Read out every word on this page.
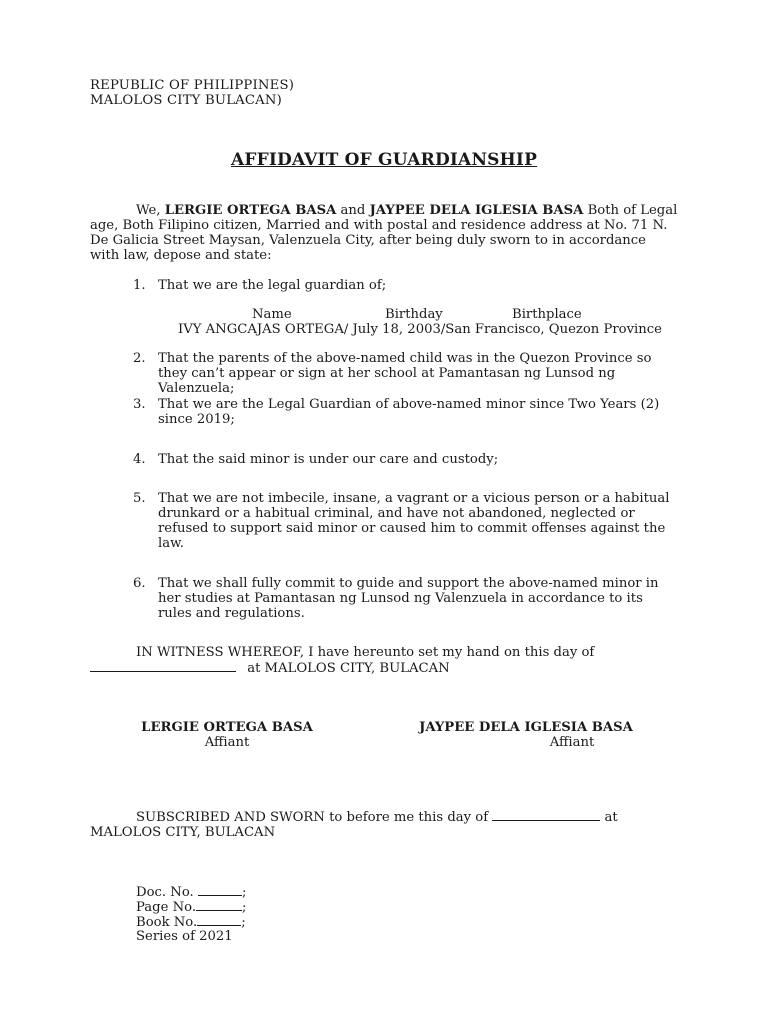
REPUBLIC OF PHILIPPINES)
MALOLOS CITY BULACAN)
AFFIDAVIT OF GUARDIANSHIP
We, LERGIE ORTEGA BASA and JAYPEE DELA IGLESIA BASA Both of Legal age, Both Filipino citizen, Married and with postal and residence address at No. 71 N. De Galicia Street Maysan, Valenzuela City, after being duly sworn to in accordance with law, depose and state:
1. That we are the legal guardian of;
Name	Birthday	Birthplace
IVY ANGCAJAS ORTEGA/ July 18, 2003/San Francisco, Quezon Province
2. That the parents of the above-named child was in the Quezon Province so they can’t appear or sign at her school at Pamantasan ng Lunsod ng Valenzuela;
3. That we are the Legal Guardian of above-named minor since Two Years (2) since 2019;
4. That the said minor is under our care and custody;
5. That we are not imbecile, insane, a vagrant or a vicious person or a habitual drunkard or a habitual criminal, and have not abandoned, neglected or refused to support said minor or caused him to commit offenses against the law.
6. That we shall fully commit to guide and support the above-named minor in her studies at Pamantasan ng Lunsod ng Valenzuela in accordance to its rules and regulations.
IN WITNESS WHEREOF, I have hereunto set my hand on this day of
at MALOLOS CITY, BULACAN
LERGIE ORTEGA BASA
Affiant
JAYPEE DELA IGLESIA BASA
Affiant
SUBSCRIBED AND SWORN to before me this day of	at
MALOLOS CITY, BULACAN
Doc. No.	;
Page No.	;
Book No.	;
Series of 2021
